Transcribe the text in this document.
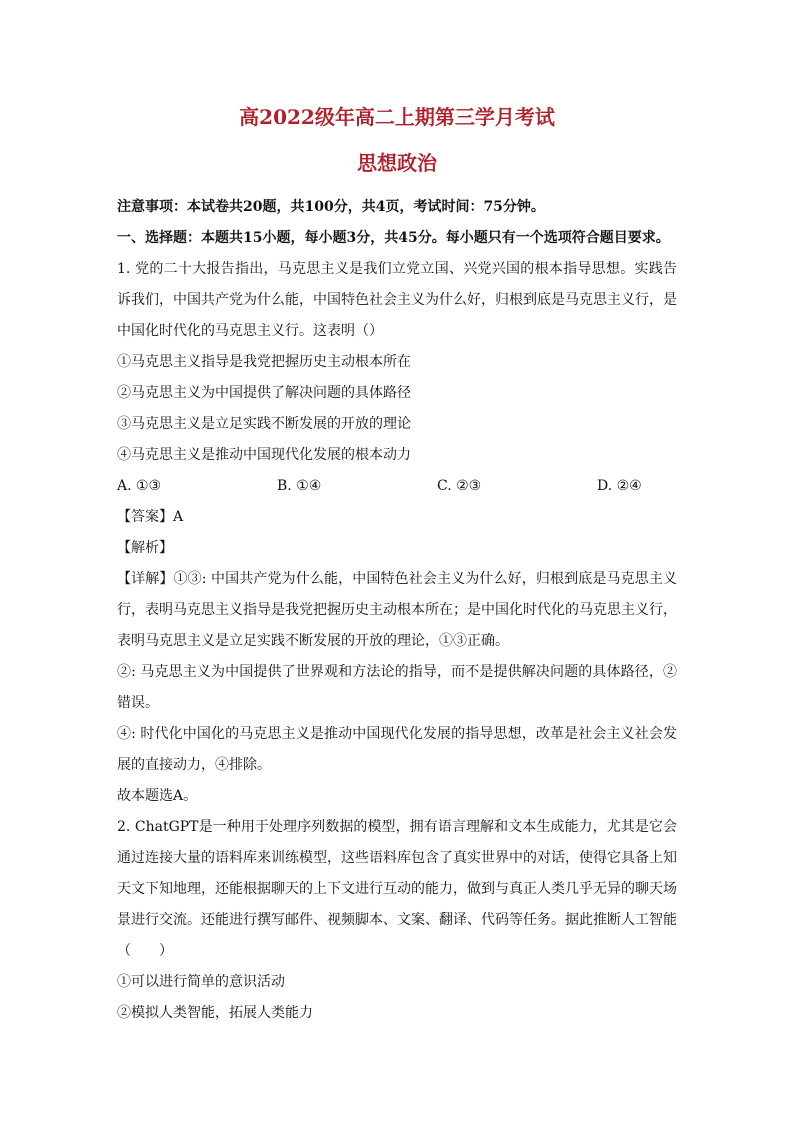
高2022级年高二上期第三学月考试
思想政治

注意事项：本试卷共20题，共100分，共4页，考试时间：75分钟。

一、选择题：本题共15小题，每小题3分，共45分。每小题只有一个选项符合题目要求。

1. 党的二十大报告指出，马克思主义是我们立党立国、兴党兴国的根本指导思想。实践告诉我们，中国共产党为什么能，中国特色社会主义为什么好，归根到底是马克思主义行，是中国化时代化的马克思主义行。这表明（）

①马克思主义指导是我党把握历史主动根本所在

②马克思主义为中国提供了解决问题的具体路径

③马克思主义是立足实践不断发展的开放的理论

④马克思主义是推动中国现代化发展的根本动力

A. ①③	B. ①④	C. ②③	D. ②④

【答案】A

【解析】

【详解】①③: 中国共产党为什么能，中国特色社会主义为什么好，归根到底是马克思主义行，表明马克思主义指导是我党把握历史主动根本所在；是中国化时代化的马克思主义行，表明马克思主义是立足实践不断发展的开放的理论，①③正确。

②: 马克思主义为中国提供了世界观和方法论的指导，而不是提供解决问题的具体路径，②错误。

④: 时代化中国化的马克思主义是推动中国现代化发展的指导思想，改革是社会主义社会发展的直接动力，④排除。

故本题选A。

2. ChatGPT是一种用于处理序列数据的模型，拥有语言理解和文本生成能力，尤其是它会通过连接大量的语料库来训练模型，这些语料库包含了真实世界中的对话，使得它具备上知天文下知地理，还能根据聊天的上下文进行互动的能力，做到与真正人类几乎无异的聊天场景进行交流。还能进行撰写邮件、视频脚本、文案、翻译、代码等任务。据此推断人工智能（　　）

①可以进行简单的意识活动

②模拟人类智能，拓展人类能力
